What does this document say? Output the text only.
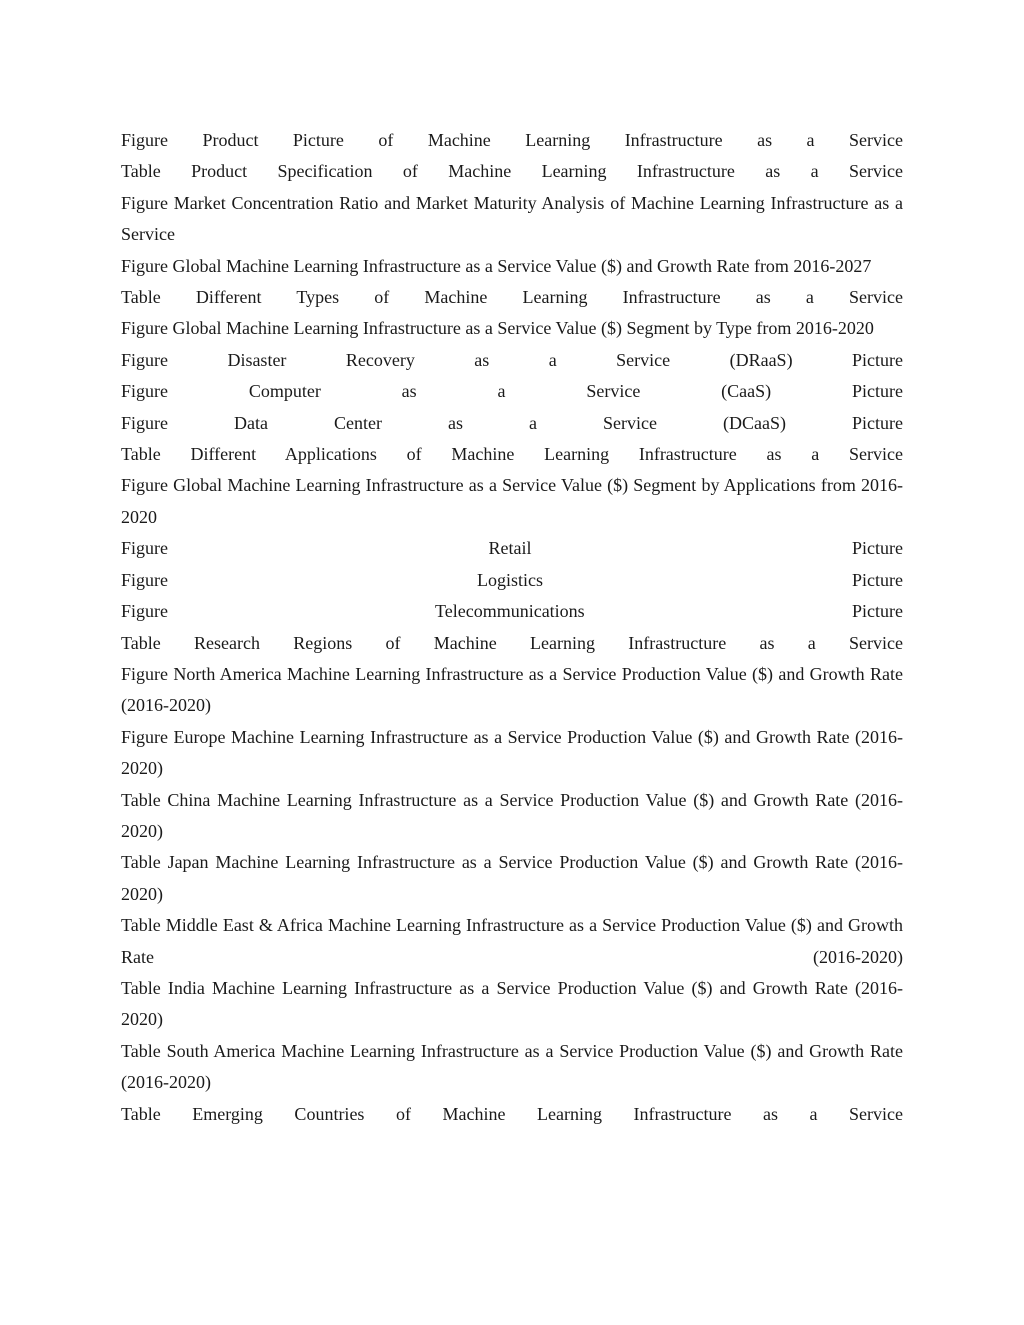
Figure Product Picture of Machine Learning Infrastructure as a Service
Table Product Specification of Machine Learning Infrastructure as a Service
Figure Market Concentration Ratio and Market Maturity Analysis of Machine Learning Infrastructure as a Service
Figure Global Machine Learning Infrastructure as a Service Value ($) and Growth Rate from 2016-2027
Table Different Types of Machine Learning Infrastructure as a Service
Figure Global Machine Learning Infrastructure as a Service Value ($) Segment by Type from 2016-2020
Figure Disaster Recovery as a Service (DRaaS) Picture
Figure Computer as a Service (CaaS) Picture
Figure Data Center as a Service (DCaaS) Picture
Table Different Applications of Machine Learning Infrastructure as a Service
Figure Global Machine Learning Infrastructure as a Service Value ($) Segment by Applications from 2016-2020
Figure Retail Picture
Figure Logistics Picture
Figure Telecommunications Picture
Table Research Regions of Machine Learning Infrastructure as a Service
Figure North America Machine Learning Infrastructure as a Service Production Value ($) and Growth Rate (2016-2020)
Figure Europe Machine Learning Infrastructure as a Service Production Value ($) and Growth Rate (2016-2020)
Table China Machine Learning Infrastructure as a Service Production Value ($) and Growth Rate (2016-2020)
Table Japan Machine Learning Infrastructure as a Service Production Value ($) and Growth Rate (2016-2020)
Table Middle East & Africa Machine Learning Infrastructure as a Service Production Value ($) and Growth Rate (2016-2020)
Table India Machine Learning Infrastructure as a Service Production Value ($) and Growth Rate (2016-2020)
Table South America Machine Learning Infrastructure as a Service Production Value ($) and Growth Rate (2016-2020)
Table Emerging Countries of Machine Learning Infrastructure as a Service
